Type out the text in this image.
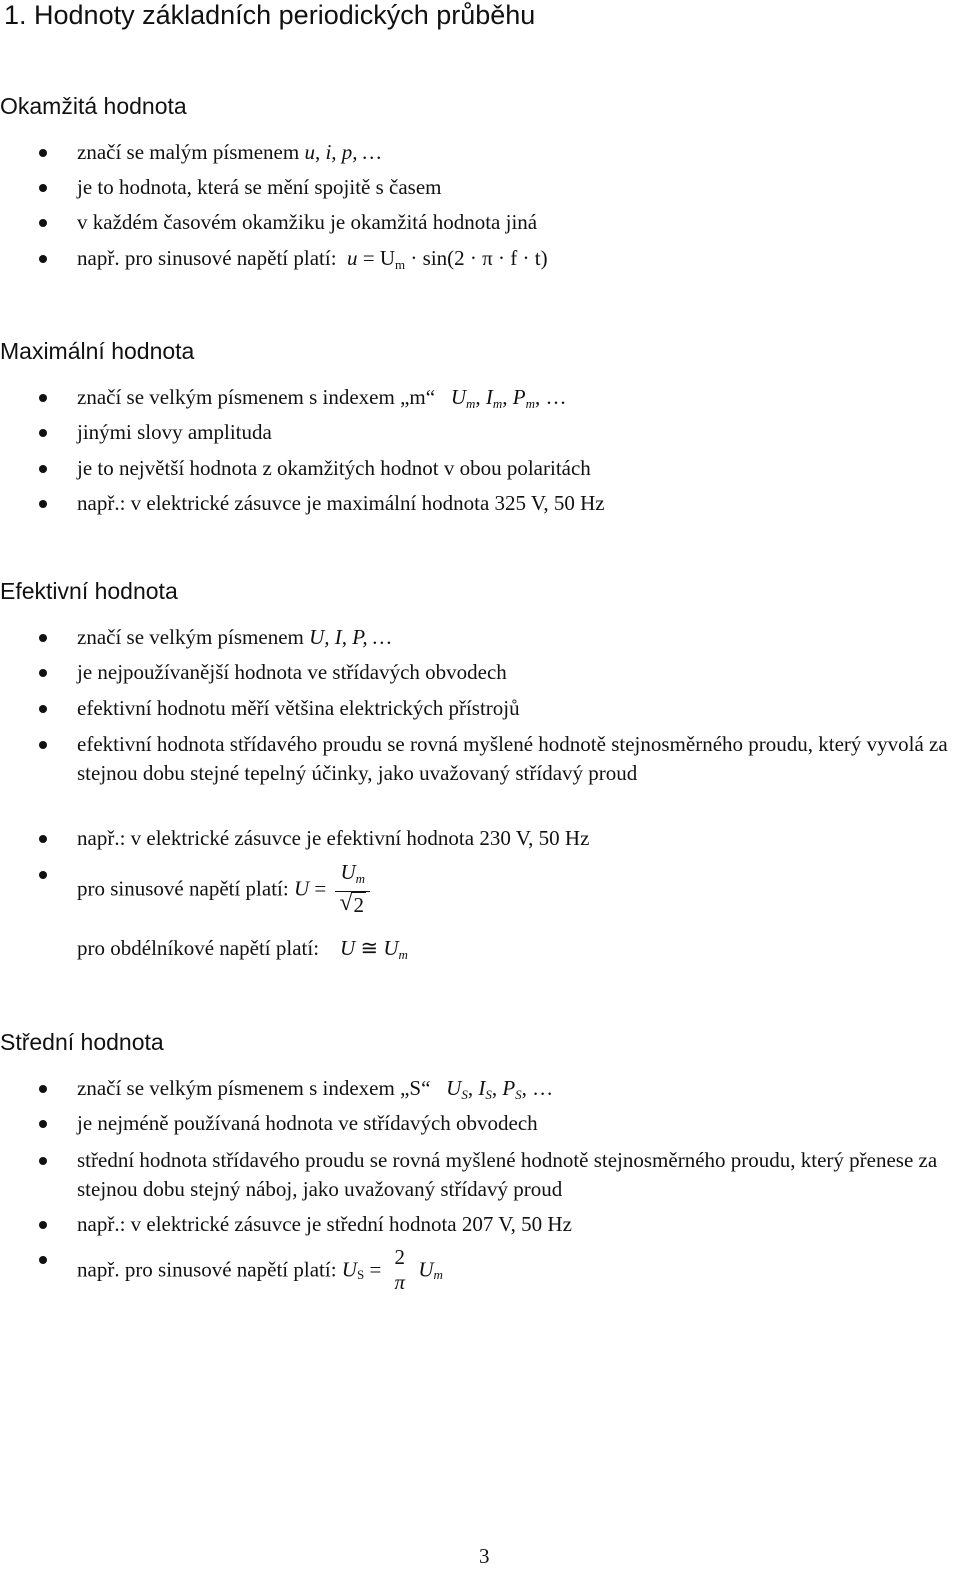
1. Hodnoty základních periodických průběhu
Okamžitá hodnota
značí se malým písmenem u, i, p, …
je to hodnota, která se mění spojitě s časem
v každém časovém okamžiku je okamžitá hodnota jiná
např. pro sinusové napětí platí: $u = U_m \cdot \sin(2 \cdot \pi \cdot f \cdot t)$
Maximální hodnota
značí se velkým písmenem s indexem „m“ $U_m$, $I_m$, $P_m$, …
jinými slovy amplituda
je to největší hodnota z okamžitých hodnot v obou polaritách
např.: v elektrické zásuvce je maximální hodnota 325 V, 50 Hz
Efektivní hodnota
značí se velkým písmenem U, I, P, …
je nejpoužívanější hodnota ve střídavých obvodech
efektivní hodnotu měří většina elektrických přístrojů
efektivní hodnota střídavého proudu se rovná myšlené hodnotě stejnosměrného proudu, který vyvolá za stejnou dobu stejné tepelný účinky, jako uvažovaný střídavý proud
např.: v elektrické zásuvce je efektivní hodnota 230 V, 50 Hz
pro sinusové napětí platí: $U = \frac{U_m}{√ 2}$
pro obdélníkové napětí platí: U ≅ $U_m$
Střední hodnota
značí se velkým písmenem s indexem „S“ $U_S$, $I_S$, $P_S$, …
je nejméně používaná hodnota ve střídavých obvodech
střední hodnota střídavého proudu se rovná myšlené hodnotě stejnosměrného proudu, který přenese za stejnou dobu stejný náboj, jako uvažovaný střídavý proud
např.: v elektrické zásuvce je střední hodnota 207 V, 50 Hz
např. pro sinusové napětí platí: $U_S$ =
2
π
$U_m$
3
